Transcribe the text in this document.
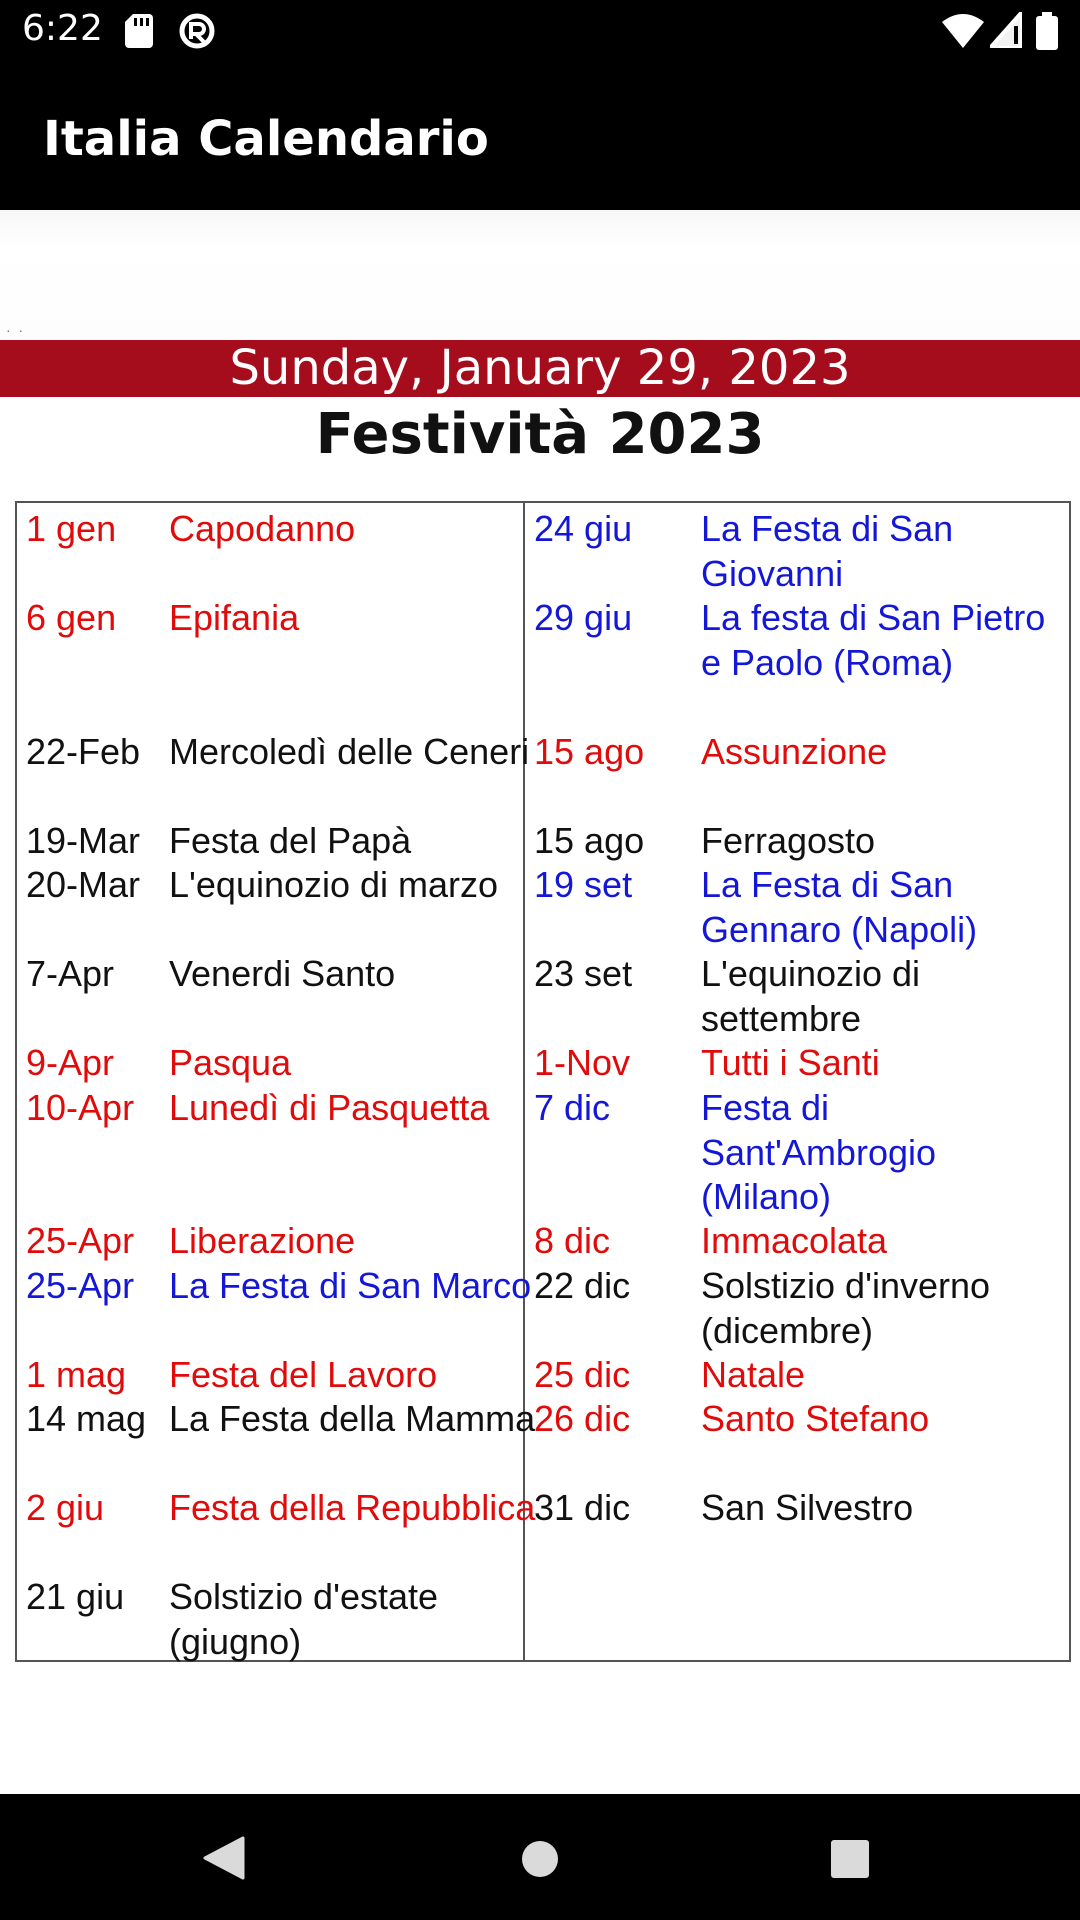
6:22
Italia Calendario
· ·
Sunday, January 29, 2023
Festività 2023
1 gen	Capodanno
6 gen	Epifania
22-Feb Mercoledì delle Ceneri
19-Mar Festa del Papà
20-Mar L'equinozio di marzo
7-Apr	Venerdi Santo
9-Apr	Pasqua
10-Apr Lunedì di Pasquetta
25-Apr Liberazione
25-Apr La Festa di San Marco
1 mag	Festa del Lavoro
14 mag La Festa della Mamma
2 giu	Festa della Repubblica
21 giu	Solstizio d'estate (giugno)
24 giu La Festa di San Giovanni
29 giu La festa di San Pietro e Paolo (Roma)
15 ago Assunzione
15 ago Ferragosto
19 set La Festa di San Gennaro (Napoli)
23 set L'equinozio di settembre
1-Nov Tutti i Santi
7 dic	Festa di Sant'Ambrogio (Milano)
8 dic	Immacolata
22 dic Solstizio d'inverno (dicembre)
25 dic Natale
26 dic Santo Stefano
31 dic San Silvestro
